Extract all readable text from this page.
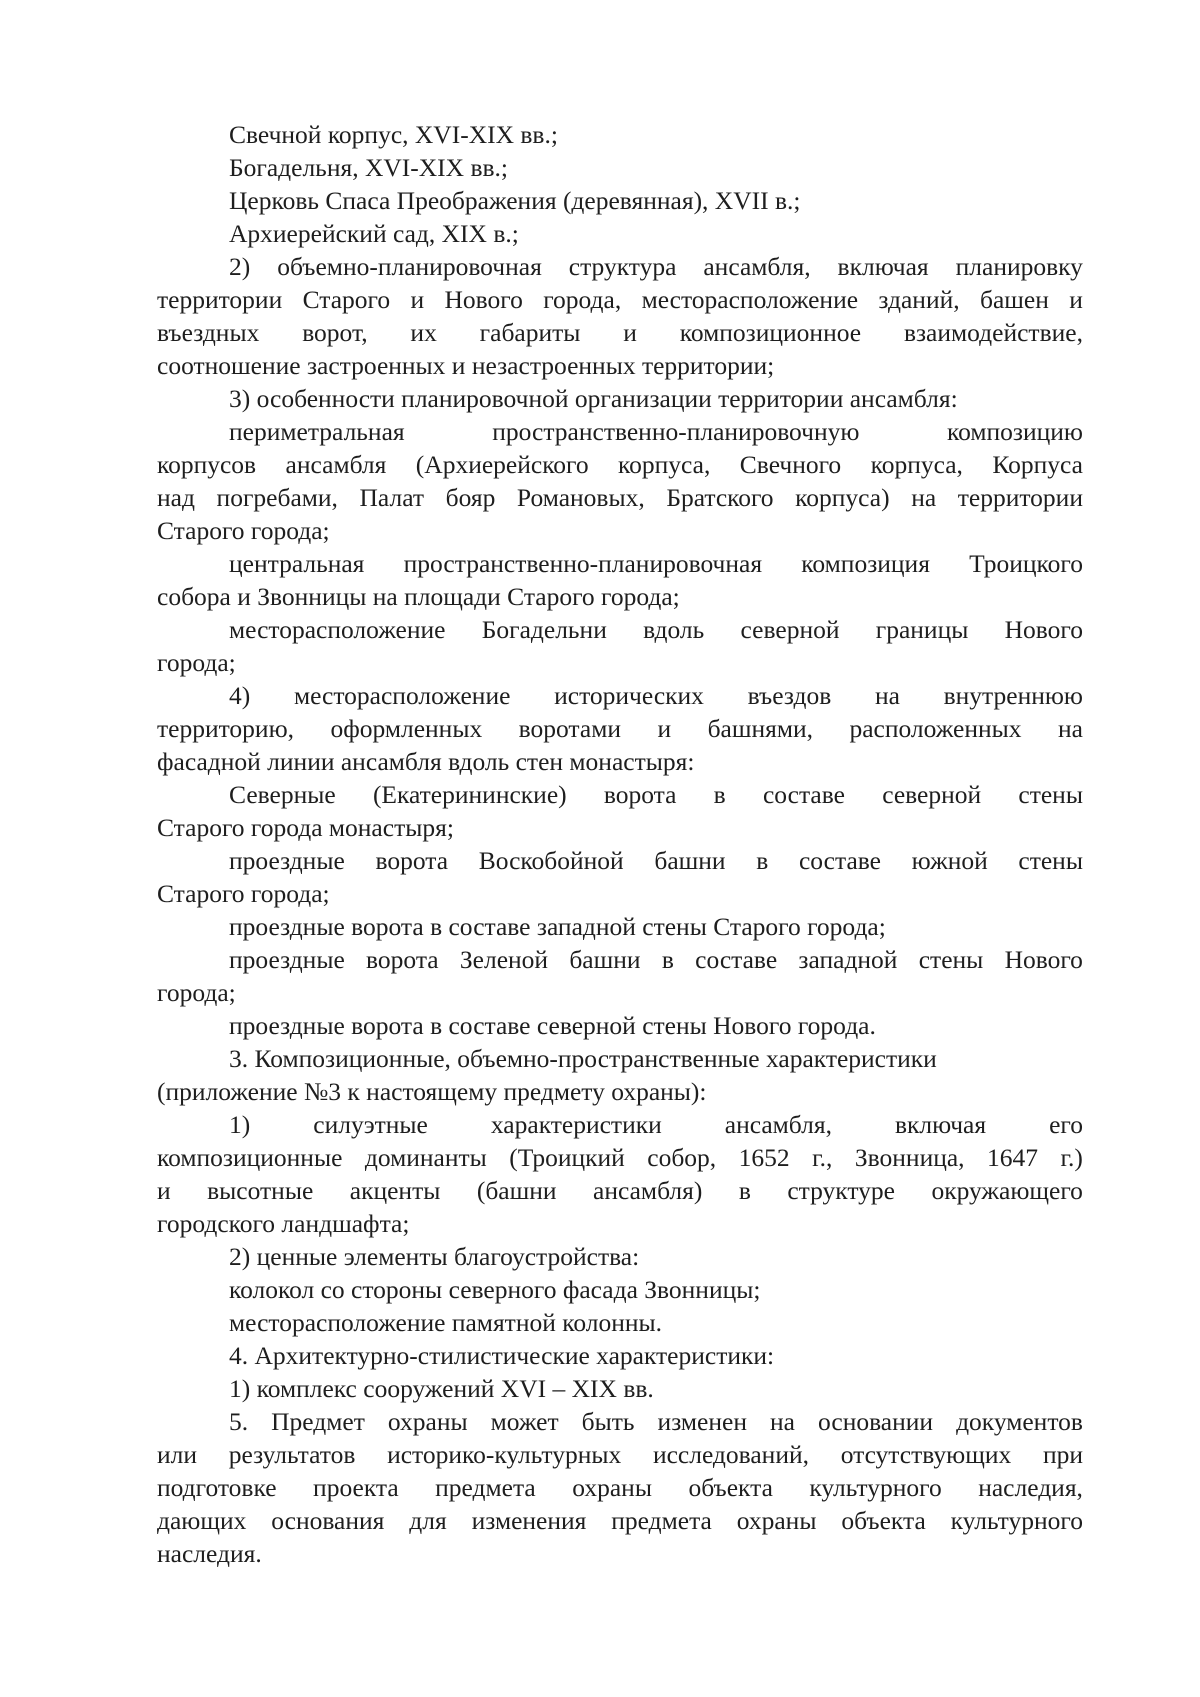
Свечной корпус, XVI-XIX вв.;
Богадельня, XVI-XIX вв.;
Церковь Спаса Преображения (деревянная), XVII в.;
Архиерейский сад, XIX в.;
2) объемно-планировочная структура ансамбля, включая планировку
территории Старого и Нового города, месторасположение зданий, башен и
въездных ворот, их габариты и композиционное взаимодействие,
соотношение застроенных и незастроенных территории;
3) особенности планировочной организации территории ансамбля:
периметральная	пространственно-планировочную	композицию
корпусов ансамбля (Архиерейского корпуса, Свечного корпуса, Корпуса
над погребами, Палат бояр Романовых, Братского корпуса) на территории
Старого города;
центральная пространственно-планировочная композиция Троицкого
собора и Звонницы на площади Старого города;
месторасположение Богадельни вдоль северной границы Нового
города;
4) месторасположение исторических въездов на внутреннюю
территорию, оформленных воротами и башнями, расположенных на
фасадной линии ансамбля вдоль стен монастыря:
Северные (Екатерининские) ворота в составе северной стены
Старого города монастыря;
проездные ворота Воскобойной башни в составе южной стены
Старого города;
проездные ворота в составе западной стены Старого города;
проездные ворота Зеленой башни в составе западной стены Нового
города;
проездные ворота в составе северной стены Нового города.
3. Композиционные, объемно-пространственные характеристики
(приложение №3 к настоящему предмету охраны):
1) силуэтные характеристики ансамбля, включая его
композиционные доминанты (Троицкий собор, 1652 г., Звонница, 1647 г.)
и высотные акценты (башни ансамбля) в структуре окружающего
городского ландшафта;
2) ценные элементы благоустройства:
колокол со стороны северного фасада Звонницы;
месторасположение памятной колонны.
4. Архитектурно-стилистические характеристики:
1) комплекс сооружений XVI – XIX вв.
5. Предмет охраны может быть изменен на основании документов
или результатов историко-культурных исследований, отсутствующих при
подготовке проекта предмета охраны объекта культурного наследия,
дающих основания для изменения предмета охраны объекта культурного
наследия.
